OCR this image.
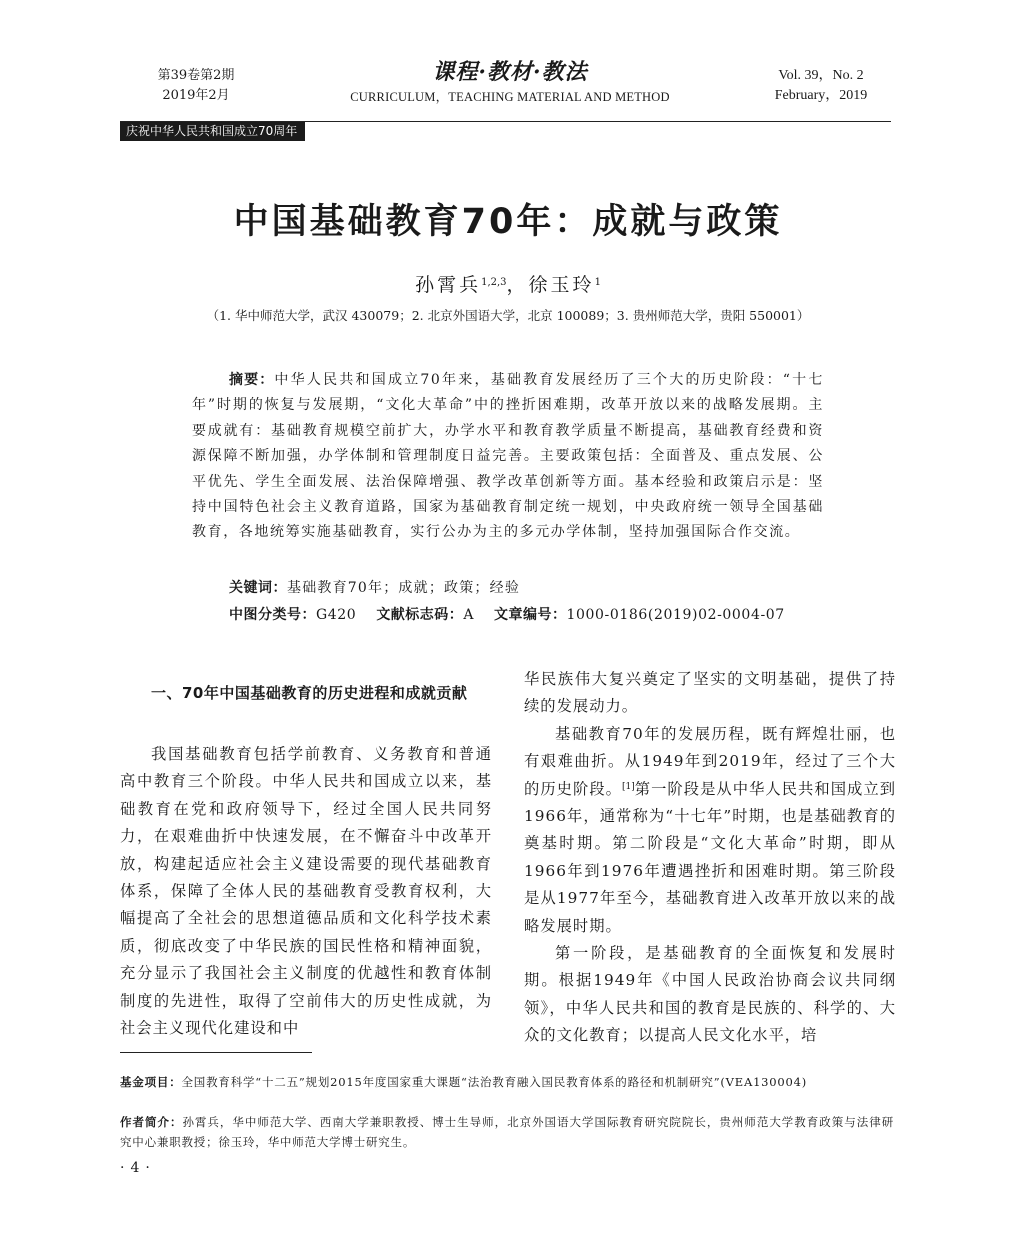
第39卷第2期
2019年2月
课程·教材·教法
CURRICULUM，TEACHING MATERIAL AND METHOD
Vol. 39，No. 2
February，2019
庆祝中华人民共和国成立70周年
中国基础教育70年：成就与政策
孙霄兵$^{1,2,3}$，徐玉玲$^1$
（1. 华中师范大学，武汉 430079；2. 北京外国语大学，北京 100089；3. 贵州师范大学，贵阳 550001）

摘要：中华人民共和国成立70年来，基础教育发展经历了三个大的历史阶段：“十七年”时期的恢复与发展期，“文化大革命”中的挫折困难期，改革开放以来的战略发展期。主要成就有：基础教育规模空前扩大，办学水平和教育教学质量不断提高，基础教育经费和资源保障不断加强，办学体制和管理制度日益完善。主要政策包括：全面普及、重点发展、公平优先、学生全面发展、法治保障增强、教学改革创新等方面。基本经验和政策启示是：坚持中国特色社会主义教育道路，国家为基础教育制定统一规划，中央政府统一领导全国基础教育，各地统筹实施基础教育，实行公办为主的多元办学体制，坚持加强国际合作交流。

关键词：基础教育70年；成就；政策；经验
中图分类号：G420 文献标志码：A 文章编号：1000-0186(2019)02-0004-07
一、70年中国基础教育的历史进程和成就贡献

我国基础教育包括学前教育、义务教育和普通高中教育三个阶段。中华人民共和国成立以来，基础教育在党和政府领导下，经过全国人民共同努力，在艰难曲折中快速发展，在不懈奋斗中改革开放，构建起适应社会主义建设需要的现代基础教育体系，保障了全体人民的基础教育受教育权利，大幅提高了全社会的思想道德品质和文化科学技术素质，彻底改变了中华民族的国民性格和精神面貌，充分显示了我国社会主义制度的优越性和教育体制制度的先进性，取得了空前伟大的历史性成就，为社会主义现代化建设和中

华民族伟大复兴奠定了坚实的文明基础，提供了持续的发展动力。

基础教育70年的发展历程，既有辉煌壮丽，也有艰难曲折。从1949年到2019年，经过了三个大的历史阶段。[1]第一阶段是从中华人民共和国成立到1966年，通常称为“十七年”时期，也是基础教育的奠基时期。第二阶段是“文化大革命”时期，即从1966年到1976年遭遇挫折和困难时期。第三阶段是从1977年至今，基础教育进入改革开放以来的战略发展时期。

第一阶段，是基础教育的全面恢复和发展时期。根据1949年《中国人民政治协商会议共同纲领》，中华人民共和国的教育是民族的、科学的、大众的文化教育；以提高人民文化水平，培

基金项目：全国教育科学“十二五”规划2015年度国家重大课题“法治教育融入国民教育体系的路径和机制研究”(VEA130004)
作者简介：孙霄兵，华中师范大学、西南大学兼职教授、博士生导师，北京外国语大学国际教育研究院院长，贵州师范大学教育政策与法律研究中心兼职教授；徐玉玲，华中师范大学博士研究生。
·4·
